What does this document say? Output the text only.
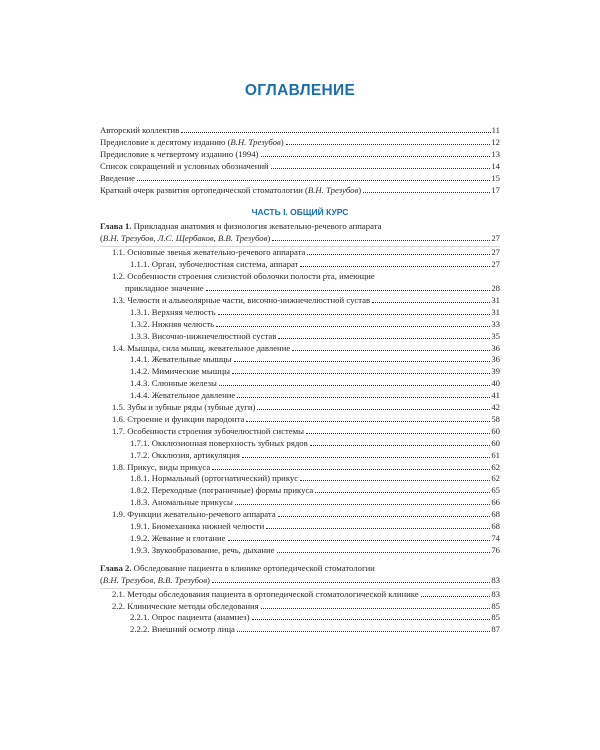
ОГЛАВЛЕНИЕ
Авторский коллектив	11
Предисловие к десятому изданию (В.Н. Трезубов)	12
Предисловие к четвертому изданию (1994)	13
Список сокращений и условных обозначений	14
Введение	15
Краткий очерк развития ортопедической стоматологии (В.Н. Трезубов)	17
ЧАСТЬ I. ОБЩИЙ КУРС
Глава 1. Прикладная анатомия и физиология жевательно-речевого аппарата
(В.Н. Трезубов, Л.С. Щербаков, В.В. Трезубов)	27
1.1. Основные звенья жевательно-речевого аппарата	27
1.1.1. Орган, зубочелюстная система, аппарат	27
1.2. Особенности строения слизистой оболочки полости рта, имеющие
прикладное значение	28
1.3. Челюсти и альвеолярные части, височно-нижнечелюстной сустав	31
1.3.1. Верхняя челюсть	31
1.3.2. Нижняя челюсть	33
1.3.3. Височно-нижнечелюстной сустав	35
1.4. Мышцы, сила мышц, жевательное давление	36
1.4.1. Жевательные мышцы	36
1.4.2. Мимические мышцы	39
1.4.3. Слюнные железы	40
1.4.4. Жевательное давление	41
1.5. Зубы и зубные ряды (зубные дуги)	42
1.6. Строение и функции пародонта	58
1.7. Особенности строения зубочелюстной системы	60
1.7.1. Окклюзионная поверхность зубных рядов	60
1.7.2. Окклюзия, артикуляция	61
1.8. Прикус, виды прикуса	62
1.8.1. Нормальный (ортогнатический) прикус	62
1.8.2. Переходные (пограничные) формы прикуса	65
1.8.3. Аномальные прикусы	66
1.9. Функции жевательно-речевого аппарата	68
1.9.1. Биомеханика нижней челюсти	68
1.9.2. Жевание и глотание	74
1.9.3. Звукообразование, речь, дыхание	76
Глава 2. Обследование пациента в клинике ортопедической стоматологии
(В.Н. Трезубов, В.В. Трезубов)	83
2.1. Методы обследования пациента в ортопедической стоматологической клинике	83
2.2. Клинические методы обследования	85
2.2.1. Опрос пациента (анамнез)	85
2.2.2. Внешний осмотр лица	87
